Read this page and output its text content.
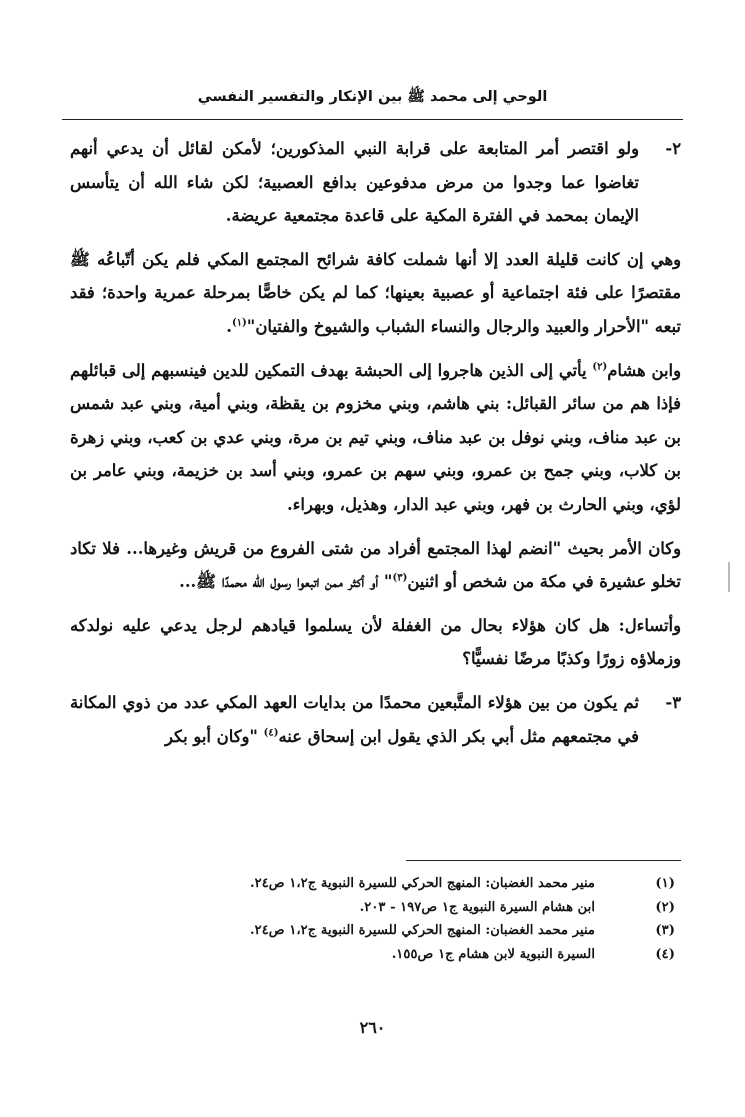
الوحي إلى محمد ﷺ بين الإنكار والتفسير النفسي
٢-
ولو اقتصر أمر المتابعة على قرابة النبي المذكورين؛ لأمكن لقائل أن يدعي أنهم تغاضوا عما وجدوا من مرض مدفوعين بدافع العصبية؛ لكن شاء الله أن يتأسس الإيمان بمحمد في الفترة المكية على قاعدة مجتمعية عريضة.

وهي إن كانت قليلة العدد إلا أنها شملت كافة شرائح المجتمع المكي فلم يكن أتّباعُه ﷺ مقتصرًا على فئة اجتماعية أو عصبية بعينها؛ كما لم يكن خاصًّا بمرحلة عمرية واحدة؛ فقد تبعه "الأحرار والعبيد والرجال والنساء الشباب والشيوخ والفتيان"$^{(١)}$.

وابن هشام$^{(٢)}$ يأتي إلى الذين هاجروا إلى الحبشة بهدف التمكين للدين فينسبهم إلى قبائلهم فإذا هم من سائر القبائل: بني هاشم، وبني مخزوم بن يقظة، وبني أمية، وبني عبد شمس بن عبد مناف، وبني نوفل بن عبد مناف، وبني تيم بن مرة، وبني عدي بن كعب، وبني زهرة بن كلاب، وبني جمح بن عمرو، وبني سهم بن عمرو، وبني أسد بن خزيمة، وبني عامر بن لؤي، وبني الحارث بن فهر، وبني عبد الدار، وهذيل، وبهراء.

وكان الأمر بحيث "انضم لهذا المجتمع أفراد من شتى الفروع من قريش وغيرها... فلا تكاد تخلو عشيرة في مكة من شخص أو اثنين$^{(٣)}$" أو أكثر ممن اتبعوا رسول الله محمدًا ﷺ...

وأتساءل: هل كان هؤلاء بحال من الغفلة لأن يسلموا قيادهم لرجل يدعي عليه نولدكه وزملاؤه زورًا وكذبًا مرضًا نفسيًّا؟

٣-
ثم يكون من بين هؤلاء المتَّبعين محمدًا من بدايات العهد المكي عدد من ذوي المكانة في مجتمعهم مثل أبي بكر الذي يقول ابن إسحاق عنه$^{(٤)}$ "وكان أبو بكر
(١)
منير محمد الغضبان: المنهج الحركي للسيرة النبوية ج١،٢ ص٢٤.
(٢)
ابن هشام السيرة النبوية ج١ ص١٩٧ - ٢٠٣.
(٣)
منير محمد الغضبان: المنهج الحركي للسيرة النبوية ج١،٢ ص٢٤.
(٤)
السيرة النبوية لابن هشام ج١ ص١٥٥.
٢٦٠
